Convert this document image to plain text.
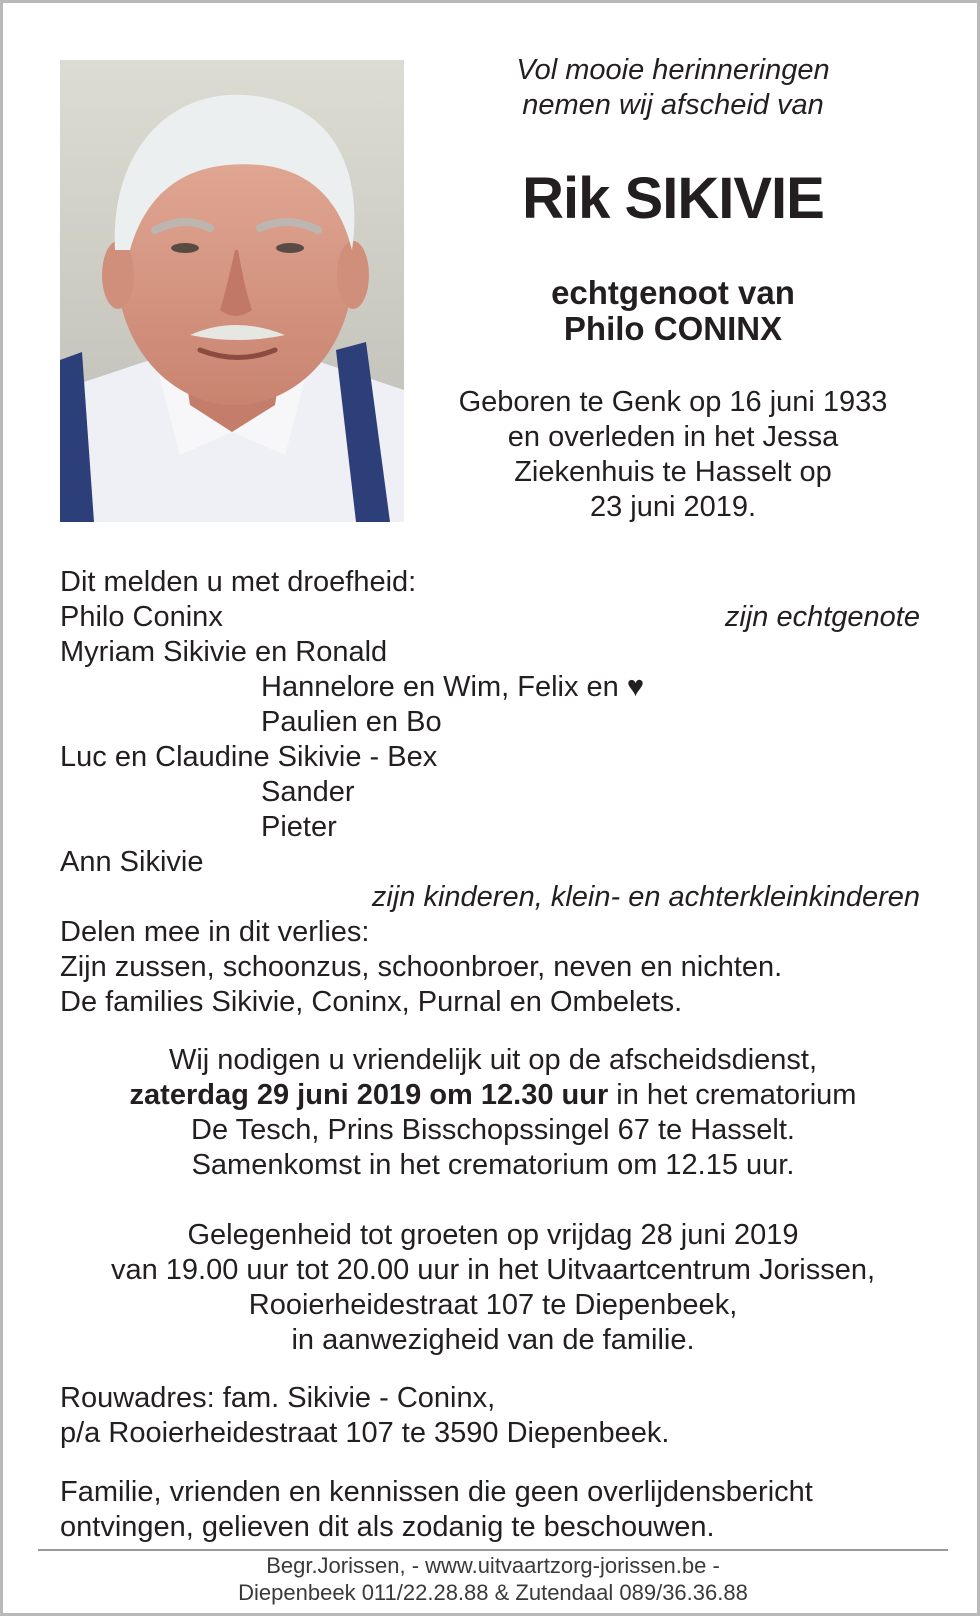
Vol mooie herinneringen

nemen wij afscheid van

Rik SIKIVIE

echtgenoot van

Philo CONINX

Geboren te Genk op 16 juni 1933

en overleden in het Jessa

Ziekenhuis te Hasselt op

23 juni 2019.

Dit melden u met droefheid:
Philo Coninx	zijn echtgenote
Myriam Sikivie en Ronald
Hannelore en Wim, Felix en ♥
Paulien en Bo
Luc en Claudine Sikivie - Bex
Sander
Pieter
Ann Sikivie
zijn kinderen, klein- en achterkleinkinderen
Delen mee in dit verlies:
Zijn zussen, schoonzus, schoonbroer, neven en nichten.
De families Sikivie, Coninx, Purnal en Ombelets.

Wij nodigen u vriendelijk uit op de afscheidsdienst,

zaterdag 29 juni 2019 om 12.30 uur in het crematorium

De Tesch, Prins Bisschopssingel 67 te Hasselt.

Samenkomst in het crematorium om 12.15 uur.

Gelegenheid tot groeten op vrijdag 28 juni 2019

van 19.00 uur tot 20.00 uur in het Uitvaartcentrum Jorissen,

Rooierheidestraat 107 te Diepenbeek,

in aanwezigheid van de familie.

Rouwadres: fam. Sikivie - Coninx,
p/a Rooierheidestraat 107 te 3590 Diepenbeek.
Familie, vrienden en kennissen die geen overlijdensbericht
ontvingen, gelieven dit als zodanig te beschouwen.
Begr.Jorissen, - www.uitvaartzorg-jorissen.be -
Diepenbeek 011/22.28.88 & Zutendaal 089/36.36.88
